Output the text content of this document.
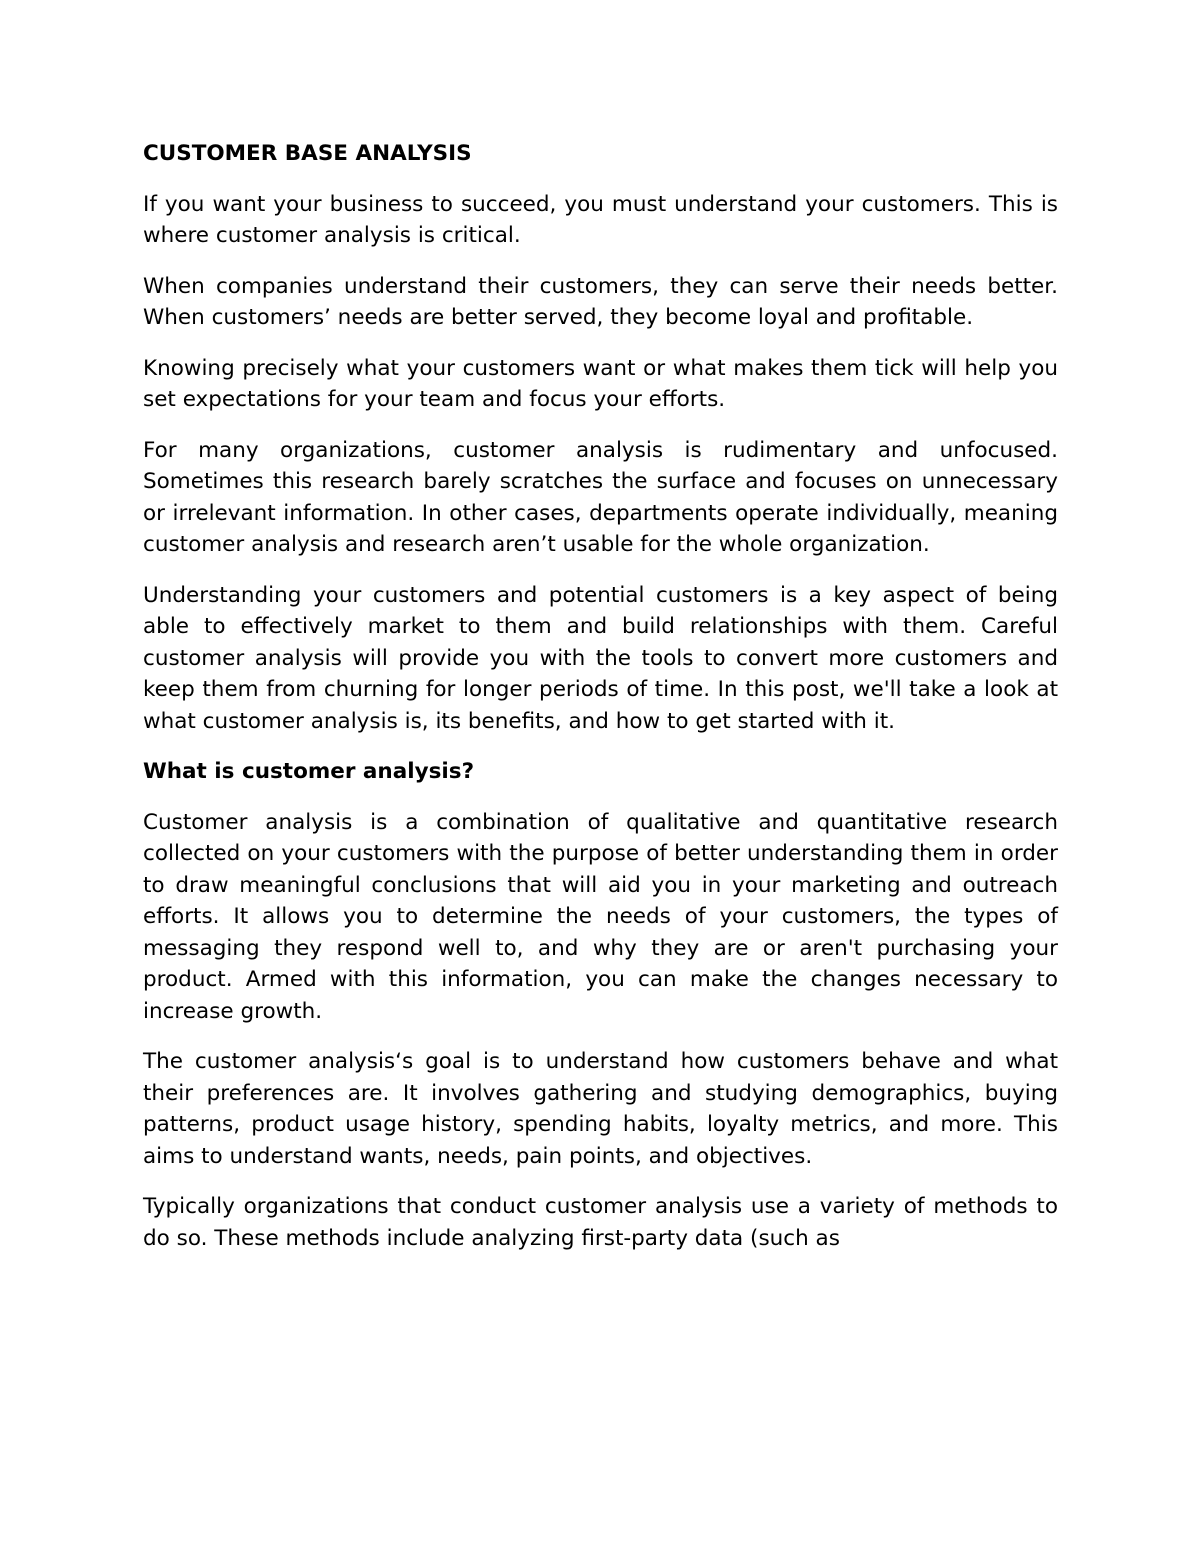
CUSTOMER BASE ANALYSIS

If you want your business to succeed, you must understand your customers. This is where customer analysis is critical.

When companies understand their customers, they can serve their needs better. When customers’ needs are better served, they become loyal and profitable.

Knowing precisely what your customers want or what makes them tick will help you set expectations for your team and focus your efforts.

For many organizations, customer analysis is rudimentary and unfocused. Sometimes this research barely scratches the surface and focuses on unnecessary or irrelevant information. In other cases, departments operate individually, meaning customer analysis and research aren’t usable for the whole organization.

Understanding your customers and potential customers is a key aspect of being able to effectively market to them and build relationships with them. Careful customer analysis will provide you with the tools to convert more customers and keep them from churning for longer periods of time. In this post, we'll take a look at what customer analysis is, its benefits, and how to get started with it.

What is customer analysis?

Customer analysis is a combination of qualitative and quantitative research collected on your customers with the purpose of better understanding them in order to draw meaningful conclusions that will aid you in your marketing and outreach efforts. It allows you to determine the needs of your customers, the types of messaging they respond well to, and why they are or aren't purchasing your product. Armed with this information, you can make the changes necessary to increase growth.

The customer analysis‘s goal is to understand how customers behave and what their preferences are. It involves gathering and studying demographics, buying patterns, product usage history, spending habits, loyalty metrics, and more. This aims to understand wants, needs, pain points, and objectives.

Typically organizations that conduct customer analysis use a variety of methods to do so. These methods include analyzing first-party data (such as
